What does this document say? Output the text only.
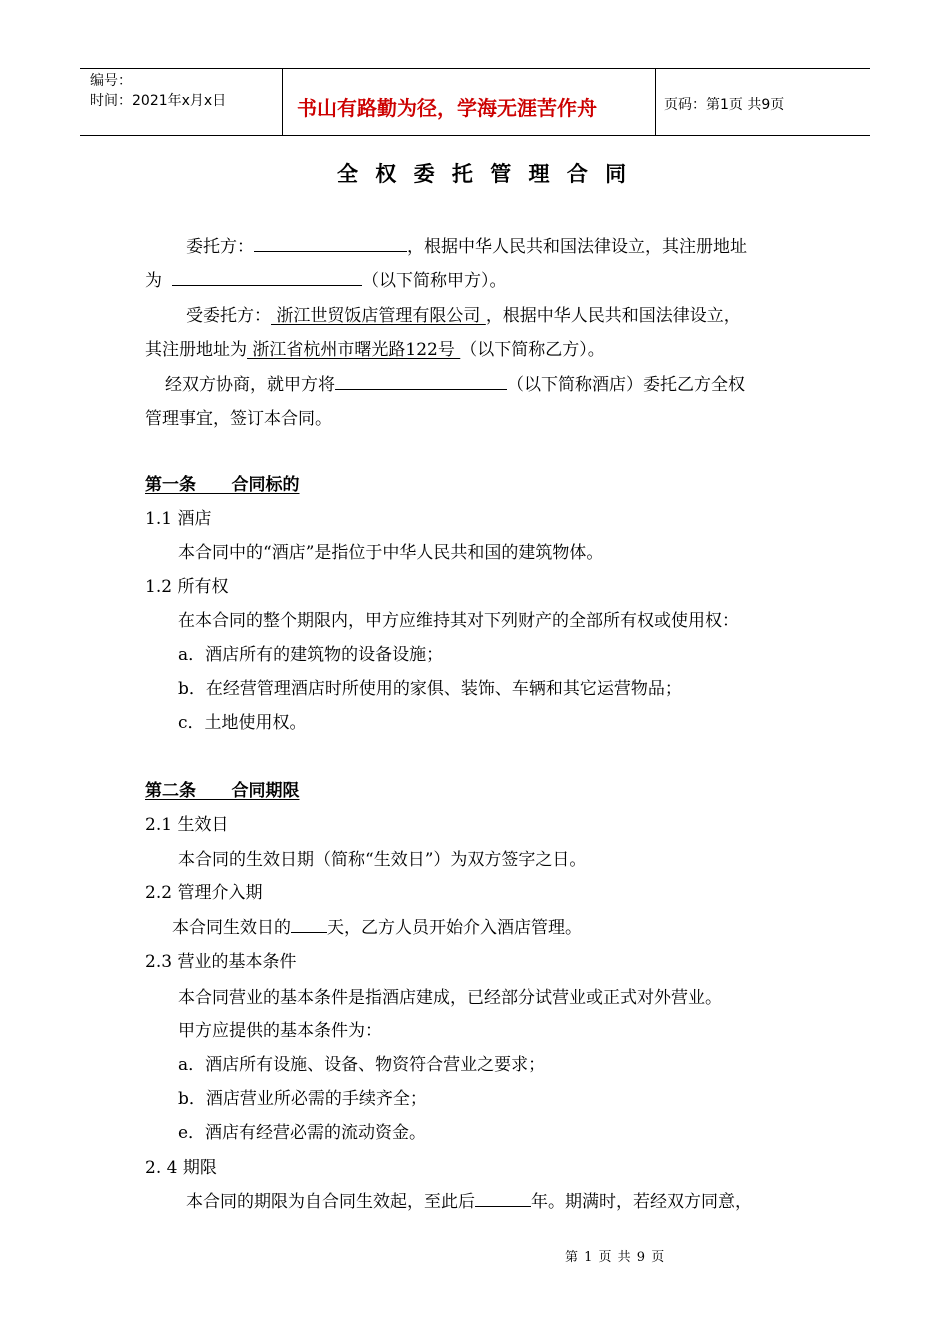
编号：
时间：2021年x月x日	书山有路勤为径，学海无涯苦作舟	页码：第1页 共9页
全 权 委 托 管 理 合 同
委托方：	，根据中华人民共和国法律设立，其注册地址
为	（以下简称甲方）。
受委托方： 浙江世贸饭店管理有限公司 ，根据中华人民共和国法律设立，
其注册地址为 浙江省杭州市曙光路122号 （以下简称乙方）。
经双方协商，就甲方将	（以下简称酒店）委托乙方全权
管理事宜，签订本合同。
第一条      合同标的
1.1 酒店
本合同中的“酒店”是指位于中华人民共和国的建筑物体。
1.2 所有权
在本合同的整个期限内，甲方应维持其对下列财产的全部所有权或使用权：
a．酒店所有的建筑物的设备设施；
b．在经营管理酒店时所使用的家俱、装饰、车辆和其它运营物品；
c．土地使用权。
第二条      合同期限
2.1 生效日
本合同的生效日期（简称“生效日”）为双方签字之日。
2.2 管理介入期
本合同生效日的 天，乙方人员开始介入酒店管理。
2.3 营业的基本条件
本合同营业的基本条件是指酒店建成，已经部分试营业或正式对外营业。
甲方应提供的基本条件为：
a．酒店所有设施、设备、物资符合营业之要求；
b．酒店营业所必需的手续齐全；
e．酒店有经营必需的流动资金。
2. 4 期限
本合同的期限为自合同生效起，至此后	年。期满时，若经双方同意，
第 1 页 共 9 页
